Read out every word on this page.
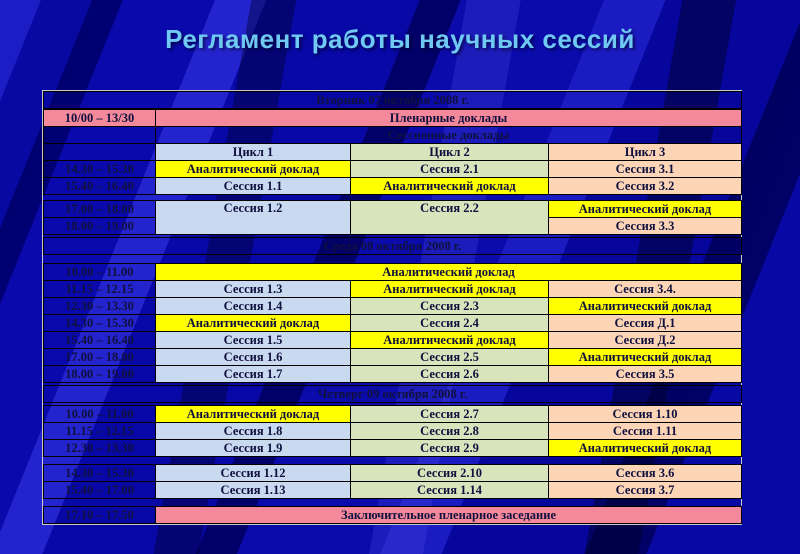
Регламент работы научных сессий
Вторник 07 октября 2008 г.
10/00 – 13/30	Пленарные доклады		
	Сессионные доклады		
	Цикл 1	Цикл 2	Цикл 3
14.30 – 15.30	Аналитический доклад	Сессия 2.1	Сессия 3.1
15.40 – 16.40	Сессия 1.1	Аналитический доклад	Сессия 3.2
17.00 – 18.00	Сессия 1.2	Сессия 2.2	Аналитический доклад
18.00 – 19.00			Сессия 3.3
Среда 08 октября 2008 г.
10.00 – 11.00	Аналитический доклад		
11.15 – 12.15	Сессия 1.3	Аналитический доклад	Сессия 3.4.
12.30 – 13.30	Сессия 1.4	Сессия 2.3	Аналитический доклад
14.30 – 15.30	Аналитический доклад	Сессия 2.4	Сессия Д.1
15.40 – 16.40	Сессия 1.5	Аналитический доклад	Сессия Д.2
17.00 – 18.00	Сессия 1.6	Сессия 2.5	Аналитический доклад
18.00 – 19.00	Сессия 1.7	Сессия 2.6	Сессия 3.5
Четверг 09 октября 2008 г.
10.00 – 11.00	Аналитический доклад	Сессия 2.7	Сессия 1.10
11.15 – 12.15	Сессия 1.8	Сессия 2.8	Сессия 1.11
12.30 – 13.30	Сессия 1.9	Сессия 2.9	Аналитический доклад
14.30 – 15.30	Сессия 1.12	Сессия 2.10	Сессия 3.6
15.40 – 17.00	Сессия 1.13	Сессия 1.14	Сессия 3.7
17.10 – 17.50	Заключительное пленарное заседание
